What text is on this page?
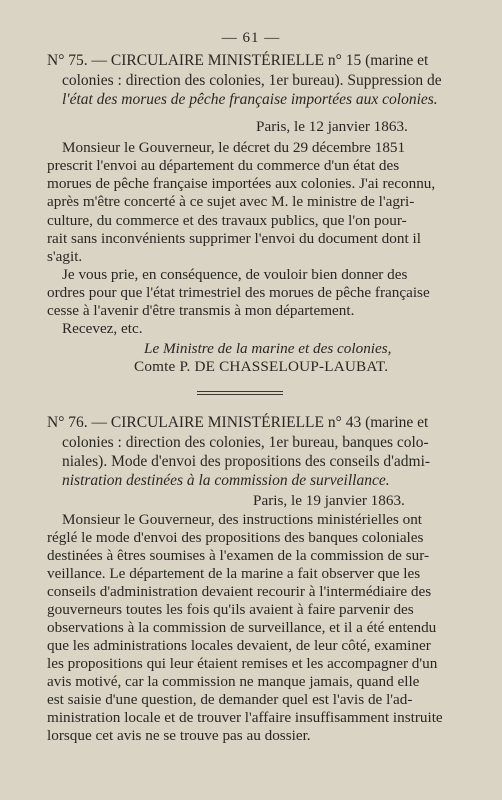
— 61 —
N° 75. — CIRCULAIRE MINISTÉRIELLE n° 15 (marine et
colonies : direction des colonies, 1er bureau). Suppression de
l'état des morues de pêche française importées aux colonies.
Paris, le 12 janvier 1863.
Monsieur le Gouverneur, le décret du 29 décembre 1851
prescrit l'envoi au département du commerce d'un état des
morues de pêche française importées aux colonies. J'ai reconnu,
après m'être concerté à ce sujet avec M. le ministre de l'agri-
culture, du commerce et des travaux publics, que l'on pour-
rait sans inconvénients supprimer l'envoi du document dont il
s'agit.
Je vous prie, en conséquence, de vouloir bien donner des
ordres pour que l'état trimestriel des morues de pêche française
cesse à l'avenir d'être transmis à mon département.
Recevez, etc.
Le Ministre de la marine et des colonies,
Comte P. DE CHASSELOUP-LAUBAT.
N° 76. — CIRCULAIRE MINISTÉRIELLE n° 43 (marine et
colonies : direction des colonies, 1er bureau, banques colo-
niales). Mode d'envoi des propositions des conseils d'admi-
nistration destinées à la commission de surveillance.
Paris, le 19 janvier 1863.
Monsieur le Gouverneur, des instructions ministérielles ont
réglé le mode d'envoi des propositions des banques coloniales
destinées à êtres soumises à l'examen de la commission de sur-
veillance. Le département de la marine a fait observer que les
conseils d'administration devaient recourir à l'intermédiaire des
gouverneurs toutes les fois qu'ils avaient à faire parvenir des
observations à la commission de surveillance, et il a été entendu
que les administrations locales devaient, de leur côté, examiner
les propositions qui leur étaient remises et les accompagner d'un
avis motivé, car la commission ne manque jamais, quand elle
est saisie d'une question, de demander quel est l'avis de l'ad-
ministration locale et de trouver l'affaire insuffisamment instruite
lorsque cet avis ne se trouve pas au dossier.
